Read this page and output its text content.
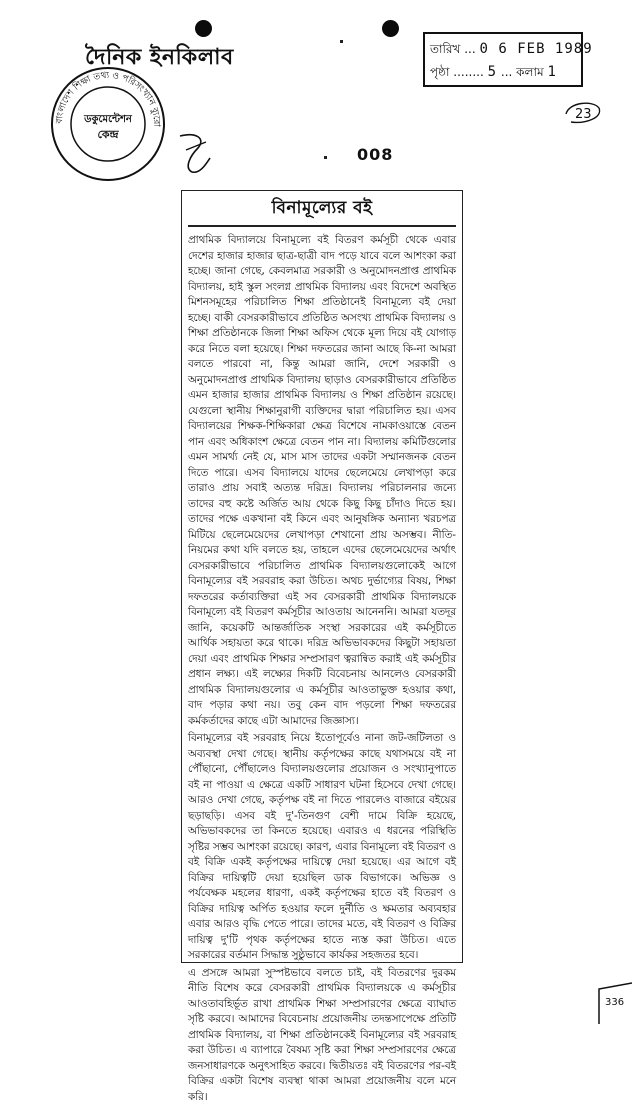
দৈনিক ইনকিলাব
বাংলাদেশ শিক্ষা তথ্য ও পরিসংখ্যান ব্যুরো
ডকুমেন্টেশন
কেন্দ্র
তারিখ ... 0 6 FEB 1989
পৃষ্ঠা ........ 5 ... কলাম 1
23
008
বিনামূল্যের বই

প্রাথমিক বিদ্যালয়ে বিনামূল্যে বই বিতরণ কর্মসূচী থেকে এবার দেশের হাজার হাজার ছাত্র-ছাত্রী বাদ পড়ে যাবে বলে আশংকা করা হচ্ছে। জানা গেছে, কেবলমাত্র সরকারী ও অনুমোদনপ্রাপ্ত প্রাথমিক বিদ্যালয়, হাই স্কুল সংলগ্ন প্রাথমিক বিদ্যালয় এবং বিদেশে অবস্থিত মিশনসমূহের পরিচালিত শিক্ষা প্রতিষ্ঠানেই বিনামূল্যে বই দেয়া হচ্ছে। বাকী বেসরকারীভাবে প্রতিষ্ঠিত অসংখ্য প্রাথমিক বিদ্যালয় ও শিক্ষা প্রতিষ্ঠানকে জিলা শিক্ষা অফিস থেকে মূল্য দিয়ে বই যোগাড় করে নিতে বলা হয়েছে। শিক্ষা দফতরের জানা আছে কি-না আমরা বলতে পারবো না, কিন্তু আমরা জানি, দেশে সরকারী ও অনুমোদনপ্রাপ্ত প্রাথমিক বিদ্যালয় ছাড়াও বেসরকারীভাবে প্রতিষ্ঠিত এমন হাজার হাজার প্রাথমিক বিদ্যালয় ও শিক্ষা প্রতিষ্ঠান রয়েছে। যেগুলো স্থানীয় শিক্ষানুরাগী ব্যক্তিদের দ্বারা পরিচালিত হয়। এসব বিদ্যালয়ের শিক্ষক-শিক্ষিকারা ক্ষেত্র বিশেষে নামকাওয়াস্তে বেতন পান এবং অধিকাংশ ক্ষেত্রে বেতন পান না। বিদ্যালয় কমিটিগুলোর এমন সামর্থ্য নেই যে, মাস মাস তাদের একটা সম্মানজনক বেতন দিতে পারে। এসব বিদ্যালয়ে যাদের ছেলেমেয়ে লেখাপড়া করে তারাও প্রায় সবাই অত্যন্ত দরিদ্র। বিদ্যালয় পরিচালনার জন্যে তাদের বহু কষ্টে অর্জিত আয় থেকে কিছু কিছু চাঁদাও দিতে হয়। তাদের পক্ষে একখানা বই কিনে এবং আনুষঙ্গিক অন্যান্য খরচপত্র মিটিয়ে ছেলেমেয়েদের লেখাপড়া শেখানো প্রায় অসম্ভব। নীতি-নিয়মের কথা যদি বলতে হয়, তাহলে এদের ছেলেমেয়েদের অর্থাৎ বেসরকারীভাবে পরিচালিত প্রাথমিক বিদ্যালয়গুলোকেই আগে বিনামূল্যের বই সরবরাহ করা উচিত। অথচ দুর্ভাগ্যের বিষয়, শিক্ষা দফতরের কর্তাব্যক্তিরা এই সব বেসরকারী প্রাথমিক বিদ্যালয়কে বিনামূল্যে বই বিতরণ কর্মসূচীর আওতায় আনেননি। আমরা যতদূর জানি, কয়েকটি আন্তর্জাতিক সংস্থা সরকারের এই কর্মসূচীতে আর্থিক সহায়তা করে থাকে। দরিদ্র অভিভাবকদের কিছুটা সহায়তা দেয়া এবং প্রাথমিক শিক্ষার সম্প্রসারণ ত্বরান্বিত করাই এই কর্মসূচীর প্রধান লক্ষ্য। এই লক্ষ্যের দিকটি বিবেচনায় আনলেও বেসরকারী প্রাথমিক বিদ্যালয়গুলোর এ কর্মসূচীর আওতাভুক্ত হওয়ার কথা, বাদ পড়ার কথা নয়। তবু কেন বাদ পড়লো শিক্ষা দফতরের কর্মকর্তাদের কাছে এটা আমাদের জিজ্ঞাস্য।

বিনামূল্যের বই সরবরাহ নিয়ে ইতোপূর্বেও নানা জট-জটিলতা ও অব্যবস্থা দেখা গেছে। স্থানীয় কর্তৃপক্ষের কাছে যথাসময়ে বই না পৌঁছানো, পৌঁছালেও বিদ্যালয়গুলোর প্রয়োজন ও সংখ্যানুপাতে বই না পাওয়া এ ক্ষেত্রে একটি সাধারণ ঘটনা হিসেবে দেখা গেছে। আরও দেখা গেছে, কর্তৃপক্ষ বই না দিতে পারলেও বাজারে বইয়ের ছড়াছড়ি। এসব বই দু'-তিনগুণ বেশী দামে বিক্রি হয়েছে, অভিভাবকদের তা কিনতে হয়েছে। এবারও এ ধরনের পরিস্থিতি সৃষ্টির সম্ভব আশংকা রয়েছে। কারণ, এবার বিনামূল্যে বই বিতরণ ও বই বিক্রি একই কর্তৃপক্ষের দায়িত্বে দেয়া হয়েছে। এর আগে বই বিক্রির দায়িত্বটি দেয়া হয়েছিল ডাক বিভাগকে। অভিজ্ঞ ও পর্যবেক্ষক মহলের ধারণা, একই কর্তৃপক্ষের হাতে বই বিতরণ ও বিক্রির দায়িত্ব অর্পিত হওয়ার ফলে দুর্নীতি ও ক্ষমতার অব্যবহার এবার আরও বৃদ্ধি পেতে পারে। তাদের মতে, বই বিতরণ ও বিক্রির দায়িত্ব দু'টি পৃথক কর্তৃপক্ষের হাতে ন্যস্ত করা উচিত। এতে সরকারের বর্তমান সিদ্ধান্ত সুষ্ঠুভাবে কার্যকর সহজতর হবে।

এ প্রসঙ্গে আমরা সুস্পষ্টভাবে বলতে চাই, বই বিতরণের দুরকম নীতি বিশেষ করে বেসরকারী প্রাথমিক বিদ্যালয়কে এ কর্মসূচীর আওতাবহির্ভূত রাখা প্রাথমিক শিক্ষা সম্প্রসারণের ক্ষেত্রে ব্যাঘাত সৃষ্টি করবে। আমাদের বিবেচনায় প্রয়োজনীয় তদন্তসাপেক্ষে প্রতিটি প্রাথমিক বিদ্যালয়, বা শিক্ষা প্রতিষ্ঠানকেই বিনামূল্যের বই সরবরাহ করা উচিত। এ ব্যাপারে বৈষম্য সৃষ্টি করা শিক্ষা সম্প্রসারণের ক্ষেত্রে জনসাধারণকে অনুৎসাহিত করবে। দ্বিতীয়তঃ বই বিতরণের পর-বই বিক্রির একটা বিশেষ ব্যবস্থা থাকা আমরা প্রয়োজনীয় বলে মনে করি।

336
